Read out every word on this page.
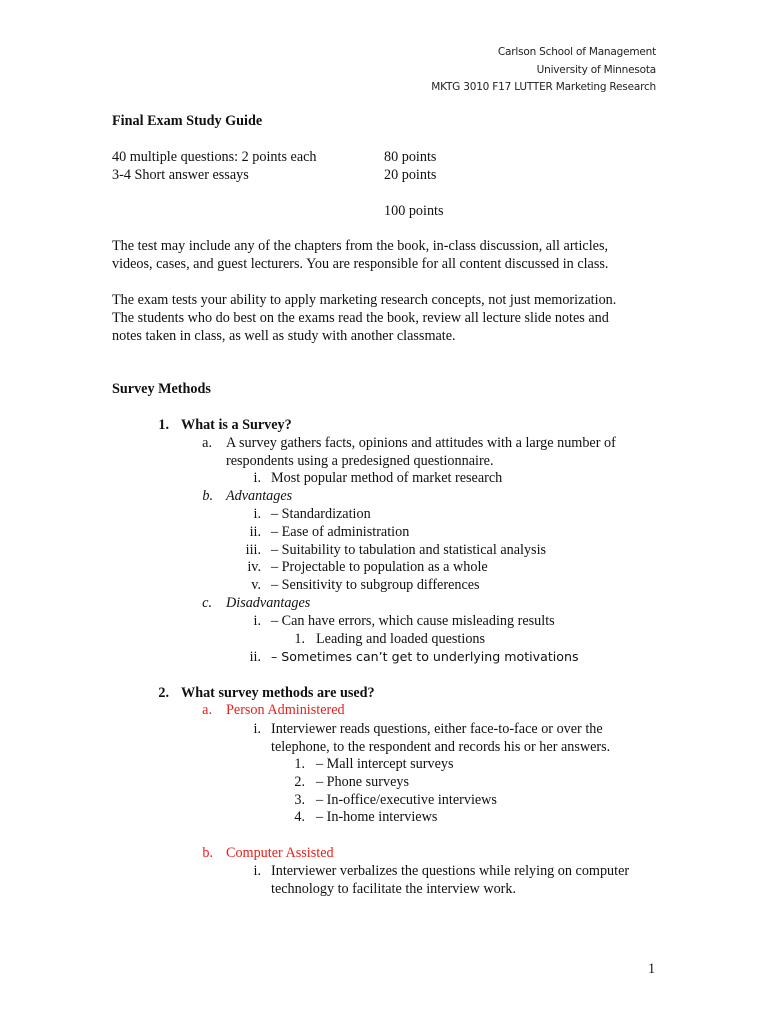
Carlson School of Management
University of Minnesota
MKTG 3010 F17 LUTTER Marketing Research
Final Exam Study Guide
40 multiple questions: 2 points each	80 points
3-4 Short answer essays	20 points
100 points
The test may include any of the chapters from the book, in-class discussion, all articles,
videos, cases, and guest lecturers. You are responsible for all content discussed in class.
The exam tests your ability to apply marketing research concepts, not just memorization.
The students who do best on the exams read the book, review all lecture slide notes and
notes taken in class, as well as study with another classmate.
Survey Methods
1. What is a Survey?
a. A survey gathers facts, opinions and attitudes with a large number of
respondents using a predesigned questionnaire.
i. Most popular method of market research
b. Advantages
i. – Standardization
ii. – Ease of administration
iii. – Suitability to tabulation and statistical analysis
iv. – Projectable to population as a whole
v. – Sensitivity to subgroup differences
c. Disadvantages
i. – Can have errors, which cause misleading results
1. Leading and loaded questions
ii. – Sometimes can’t get to underlying motivations
2. What survey methods are used?
a. Person Administered
i. Interviewer reads questions, either face-to-face or over the
telephone, to the respondent and records his or her answers.
1. – Mall intercept surveys
2. – Phone surveys
3. – In-office/executive interviews
4. – In-home interviews
b. Computer Assisted
i. Interviewer verbalizes the questions while relying on computer
technology to facilitate the interview work.
1
